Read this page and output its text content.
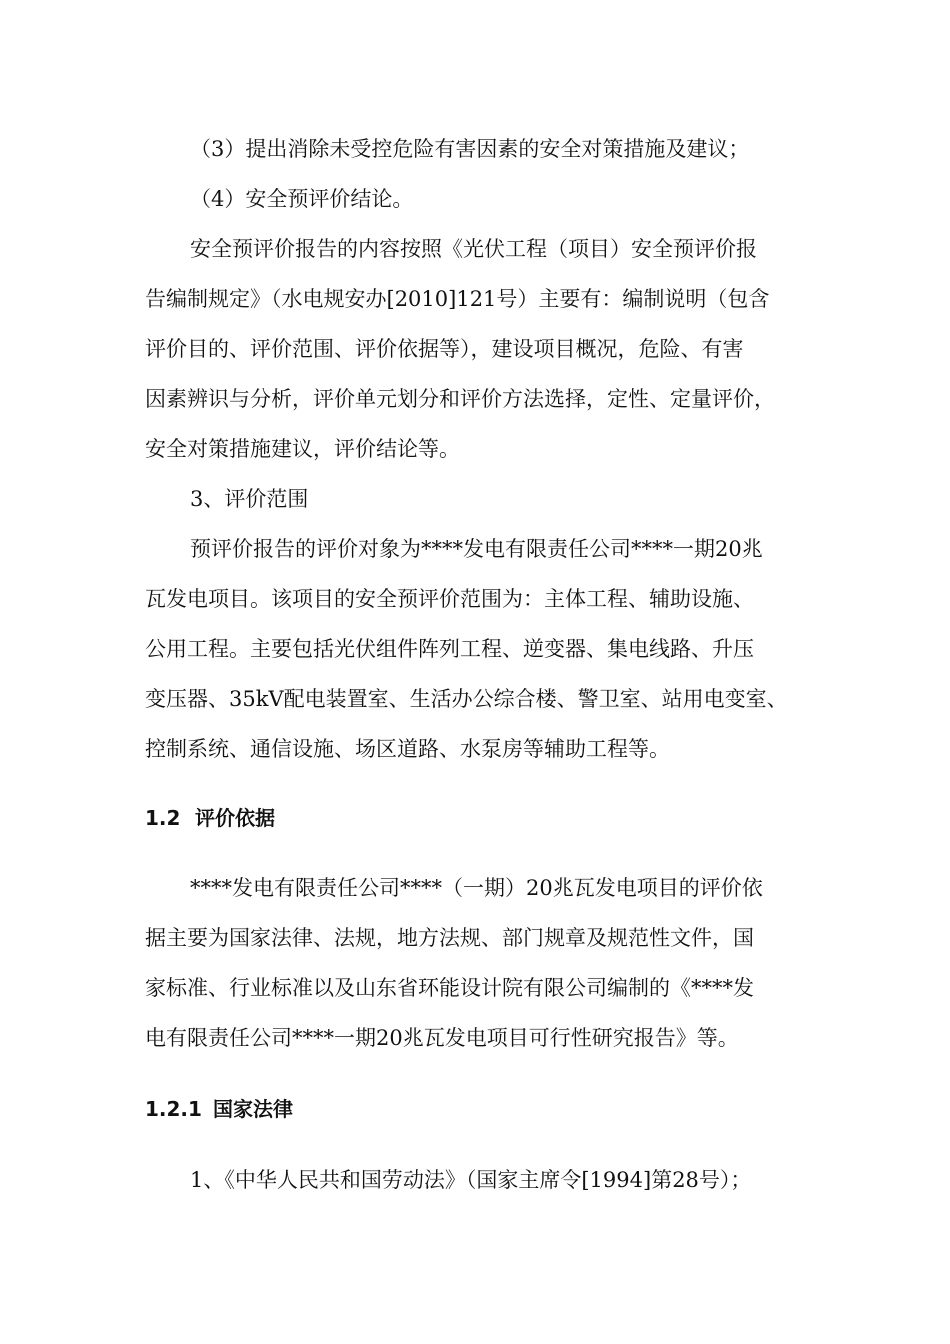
（3）提出消除未受控危险有害因素的安全对策措施及建议；

（4）安全预评价结论。

安全预评价报告的内容按照《光伏工程（项目）安全预评价报
告编制规定》（水电规安办[2010]121号）主要有：编制说明（包含
评价目的、评价范围、评价依据等），建设项目概况，危险、有害
因素辨识与分析，评价单元划分和评价方法选择，定性、定量评价，
安全对策措施建议，评价结论等。

3、评价范围

预评价报告的评价对象为****发电有限责任公司****一期20兆
瓦发电项目。该项目的安全预评价范围为：主体工程、辅助设施、
公用工程。主要包括光伏组件阵列工程、逆变器、集电线路、升压
变压器、35kV配电装置室、生活办公综合楼、警卫室、站用电变室、
控制系统、通信设施、场区道路、水泵房等辅助工程等。
1.2 评价依据
****发电有限责任公司****（一期）20兆瓦发电项目的评价依
据主要为国家法律、法规，地方法规、部门规章及规范性文件，国
家标准、行业标准以及山东省环能设计院有限公司编制的《****发
电有限责任公司****一期20兆瓦发电项目可行性研究报告》等。
1.2.1 国家法律

1、《中华人民共和国劳动法》（国家主席令[1994]第28号）；
